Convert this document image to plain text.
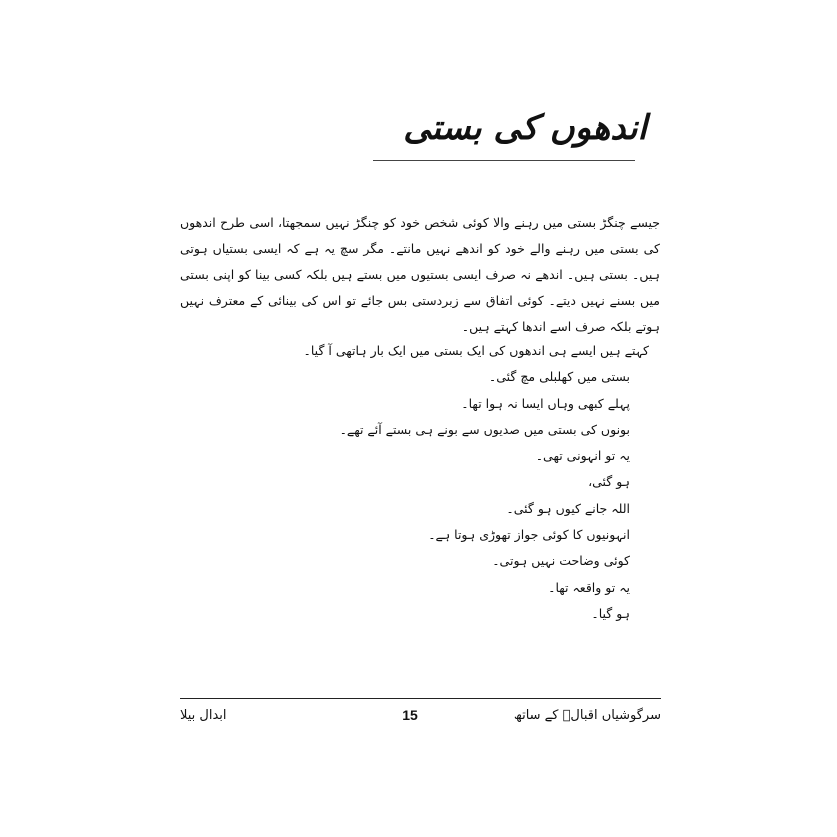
اندھوں کی بستی

جیسے چنگڑ بستی میں رہنے والا کوئی شخص خود کو چنگڑ نہیں سمجھتا، اسی طرح اندھوں کی بستی میں رہنے والے خود کو اندھے نہیں مانتے۔ مگر سچ یہ ہے کہ ایسی بستیاں ہوتی ہیں۔ بستی ہیں۔ اندھے نہ صرف ایسی بستیوں میں بستے ہیں بلکہ کسی بینا کو اپنی بستی میں بسنے نہیں دیتے۔ کوئی اتفاق سے زبردستی بس جائے تو اس کی بینائی کے معترف نہیں ہوتے بلکہ صرف اسے اندھا کہتے ہیں۔

کہتے ہیں ایسے ہی اندھوں کی ایک بستی میں ایک بار ہاتھی آ گیا۔
بستی میں کھلبلی مچ گئی۔
پہلے کبھی وہاں ایسا نہ ہوا تھا۔
بونوں کی بستی میں صدیوں سے بونے ہی بستے آئے تھے۔
یہ تو انہونی تھی۔
ہو گئی،
اللہ جانے کیوں ہو گئی۔
انہونیوں کا کوئی جواز تھوڑی ہوتا ہے۔
کوئی وضاحت نہیں ہوتی۔
یہ تو واقعہ تھا۔
ہو گیا۔
ابدال بیلا	15	سرگوشیاں اقبالؒ کے ساتھ
